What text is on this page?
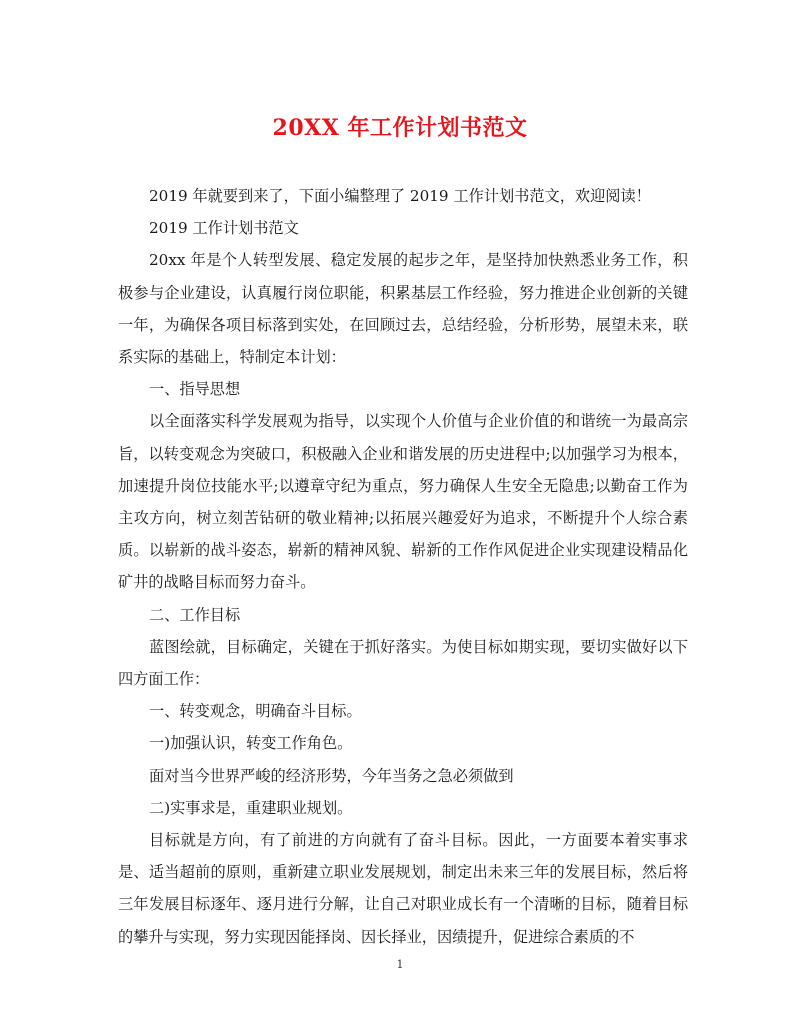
20XX 年工作计划书范文

2019 年就要到来了，下面小编整理了 2019 工作计划书范文，欢迎阅读！

2019 工作计划书范文

20xx 年是个人转型发展、稳定发展的起步之年，是坚持加快熟悉业务工作，积极参与企业建设，认真履行岗位职能，积累基层工作经验，努力推进企业创新的关键一年，为确保各项目标落到实处，在回顾过去，总结经验，分析形势，展望未来，联系实际的基础上，特制定本计划：

一、指导思想

以全面落实科学发展观为指导，以实现个人价值与企业价值的和谐统一为最高宗旨，以转变观念为突破口，积极融入企业和谐发展的历史进程中;以加强学习为根本，加速提升岗位技能水平;以遵章守纪为重点，努力确保人生安全无隐患;以勤奋工作为主攻方向，树立刻苦钻研的敬业精神;以拓展兴趣爱好为追求，不断提升个人综合素质。以崭新的战斗姿态，崭新的精神风貌、崭新的工作作风促进企业实现建设精品化矿井的战略目标而努力奋斗。

二、工作目标

蓝图绘就，目标确定，关键在于抓好落实。为使目标如期实现，要切实做好以下四方面工作：

一、转变观念，明确奋斗目标。

一)加强认识，转变工作角色。

面对当今世界严峻的经济形势，今年当务之急必须做到

二)实事求是，重建职业规划。

目标就是方向，有了前进的方向就有了奋斗目标。因此，一方面要本着实事求是、适当超前的原则，重新建立职业发展规划，制定出未来三年的发展目标，然后将三年发展目标逐年、逐月进行分解，让自己对职业成长有一个清晰的目标，随着目标的攀升与实现，努力实现因能择岗、因长择业，因绩提升，促进综合素质的不

1
